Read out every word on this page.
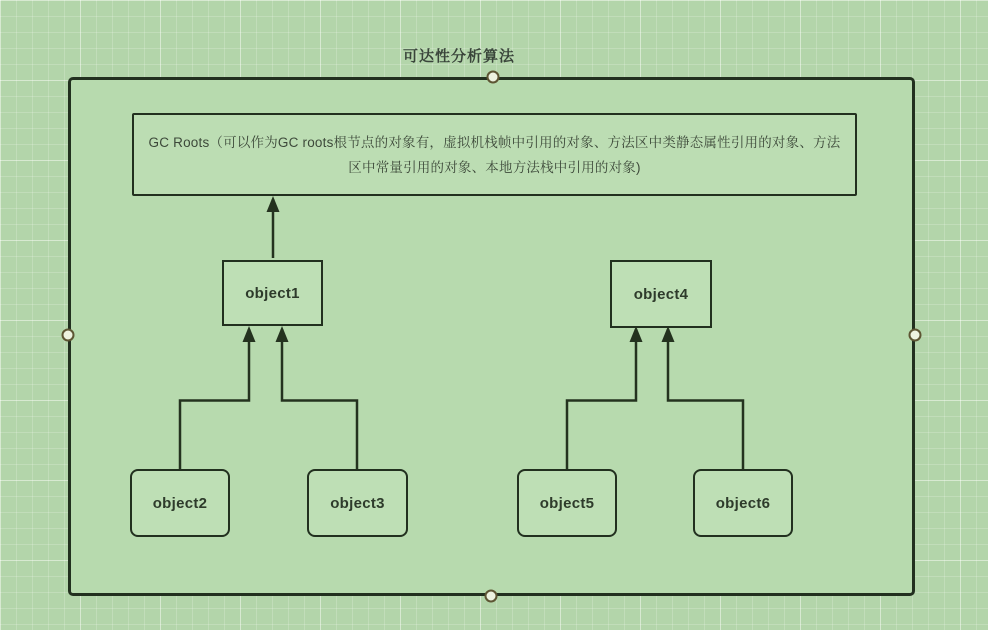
可达性分析算法
GC Roots（可以作为GC roots根节点的对象有，虚拟机栈帧中引用的对象、方法区中类静态属性引用的对象、方法区中常量引用的对象、本地方法栈中引用的对象)
object1	object4
object2	object3	object5	object6
